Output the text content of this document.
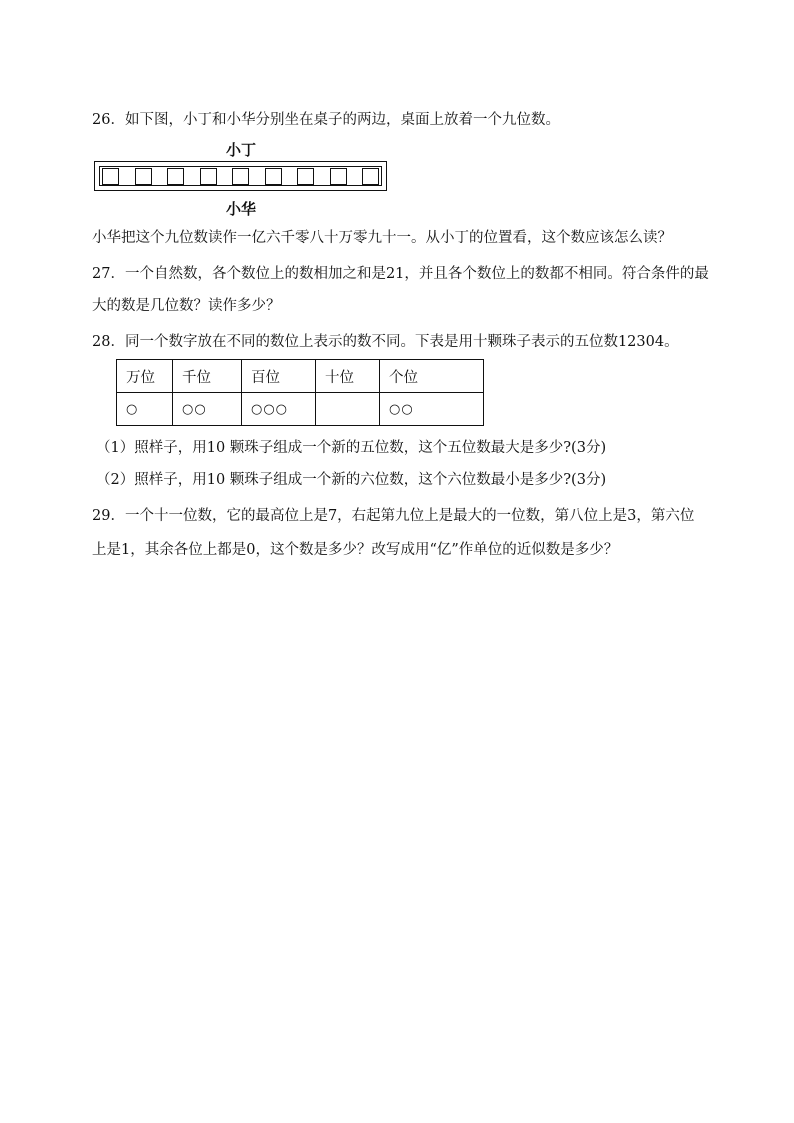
26．如下图，小丁和小华分别坐在桌子的两边，桌面上放着一个九位数。
小丁
小华
小华把这个九位数读作一亿六千零八十万零九十一。从小丁的位置看，这个数应该怎么读？
27．一个自然数，各个数位上的数相加之和是21，并且各个数位上的数都不相同。符合条件的最
大的数是几位数？读作多少？
28．同一个数字放在不同的数位上表示的数不同。下表是用十颗珠子表示的五位数12304。
万位	千位	百位	十位	个位
○	○○	○○○		○○
（1）照样子，用10 颗珠子组成一个新的五位数，这个五位数最大是多少?(3分)
（2）照样子，用10 颗珠子组成一个新的六位数，这个六位数最小是多少?(3分)
29．一个十一位数，它的最高位上是7，右起第九位上是最大的一位数，第八位上是3，第六位
上是1，其余各位上都是0，这个数是多少？改写成用“亿”作单位的近似数是多少？
